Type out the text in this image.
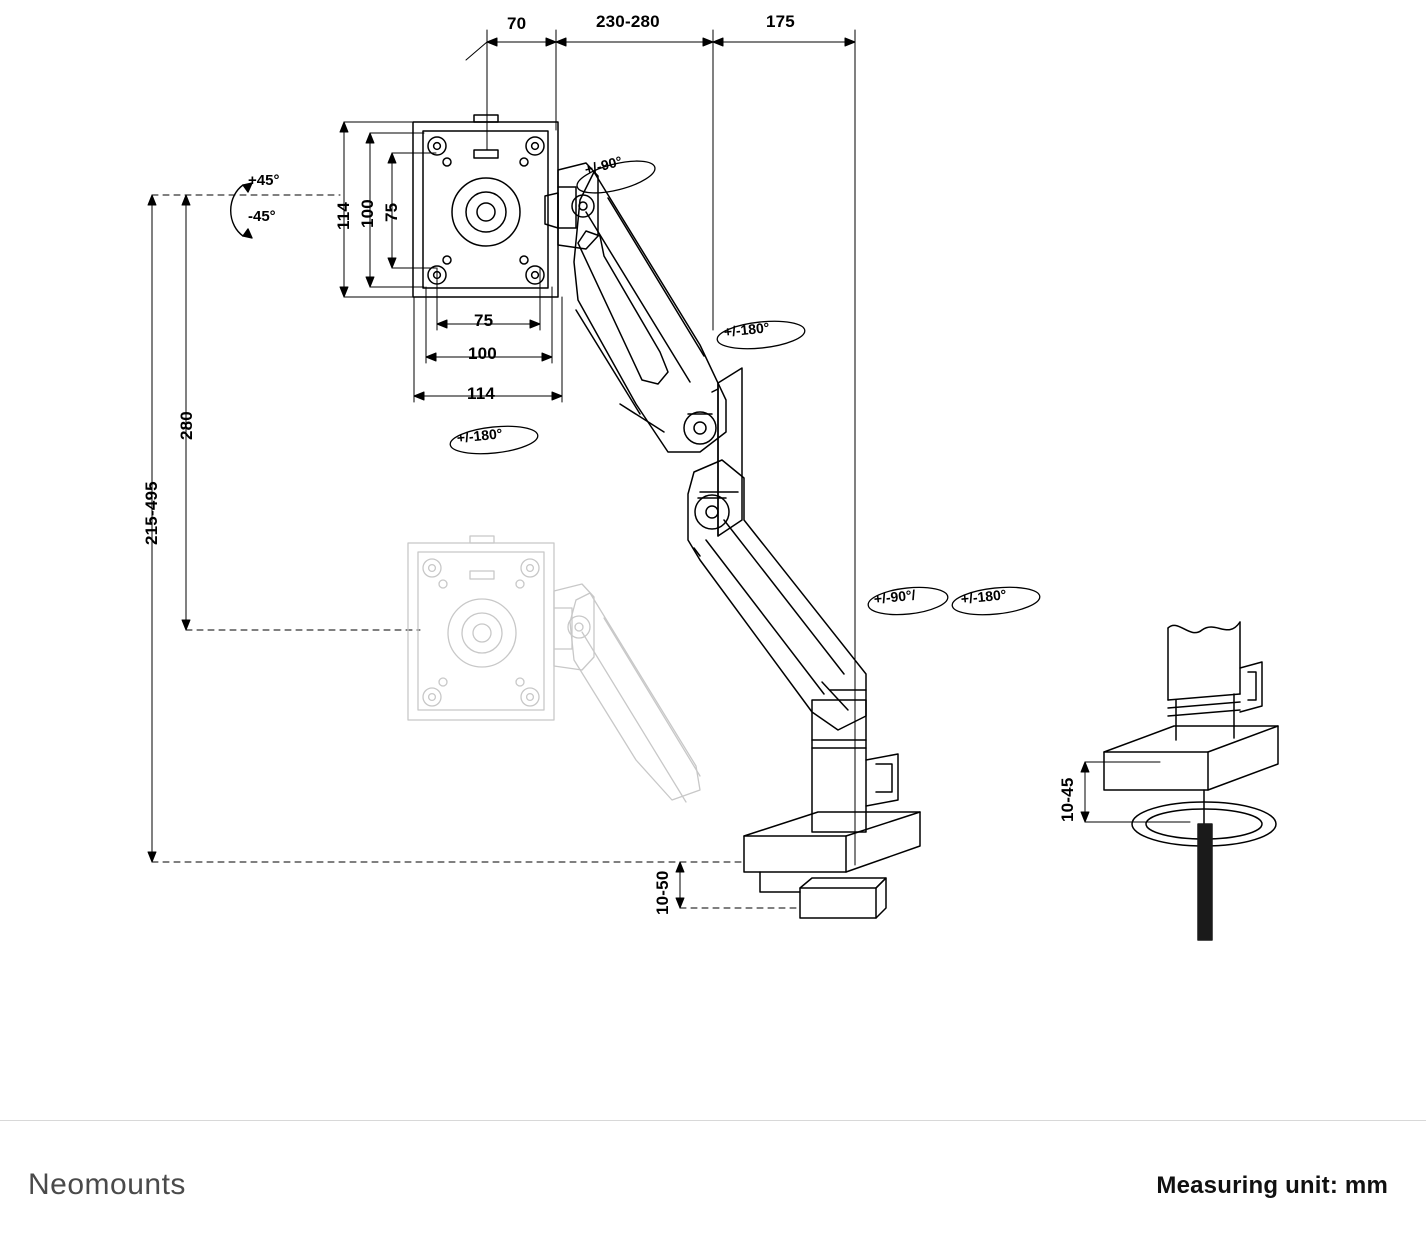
70	230-280	175
114 100 75
75
100
114
215-495
280
10-50
10-45
+45°
-45°
+/-90°
+/-180°
+/-180°
+/-90°/	+/-180°
Neomounts	Measuring unit: mm
